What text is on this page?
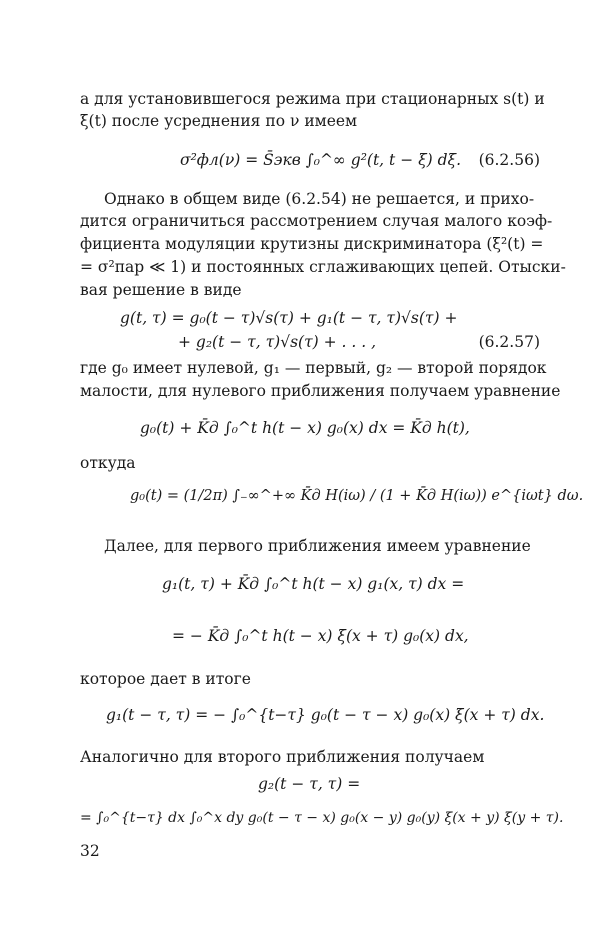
а для установившегося режима при стационарных s(t) и
ξ(t) после усреднения по ν имеем
σ²фл(ν) = S̄экв ∫₀^∞ g²(t, t − ξ) dξ. (6.2.56)
Однако в общем виде (6.2.54) не решается, и прихо-
дится ограничиться рассмотрением случая малого коэф-
фициента модуляции крутизны дискриминатора (ξ²(t) =
= σ²пар ≪ 1) и постоянных сглаживающих цепей. Отыски-
вая решение в виде
g(t, τ) = g₀(t − τ)√s(τ) + g₁(t − τ, τ)√s(τ) +
+ g₂(t − τ, τ)√s(τ) + . . . ,	(6.2.57)
где g₀ имеет нулевой, g₁ — первый, g₂ — второй порядок
малости, для нулевого приближения получаем уравнение
g₀(t) + K̄д ∫₀^t h(t − x) g₀(x) dx = K̄д h(t),
откуда
g₀(t) = (1/2π) ∫₋∞^+∞ K̄д H(iω) / (1 + K̄д H(iω)) e^{iωt} dω.
Далее, для первого приближения имеем уравнение
g₁(t, τ) + K̄д ∫₀^t h(t − x) g₁(x, τ) dx =
= − K̄д ∫₀^t h(t − x) ξ(x + τ) g₀(x) dx,
которое дает в итоге
g₁(t − τ, τ) = − ∫₀^{t−τ} g₀(t − τ − x) g₀(x) ξ(x + τ) dx.
Аналогично для второго приближения получаем
g₂(t − τ, τ) =
= ∫₀^{t−τ} dx ∫₀^x dy g₀(t − τ − x) g₀(x − y) g₀(y) ξ(x + y) ξ(y + τ).
32
